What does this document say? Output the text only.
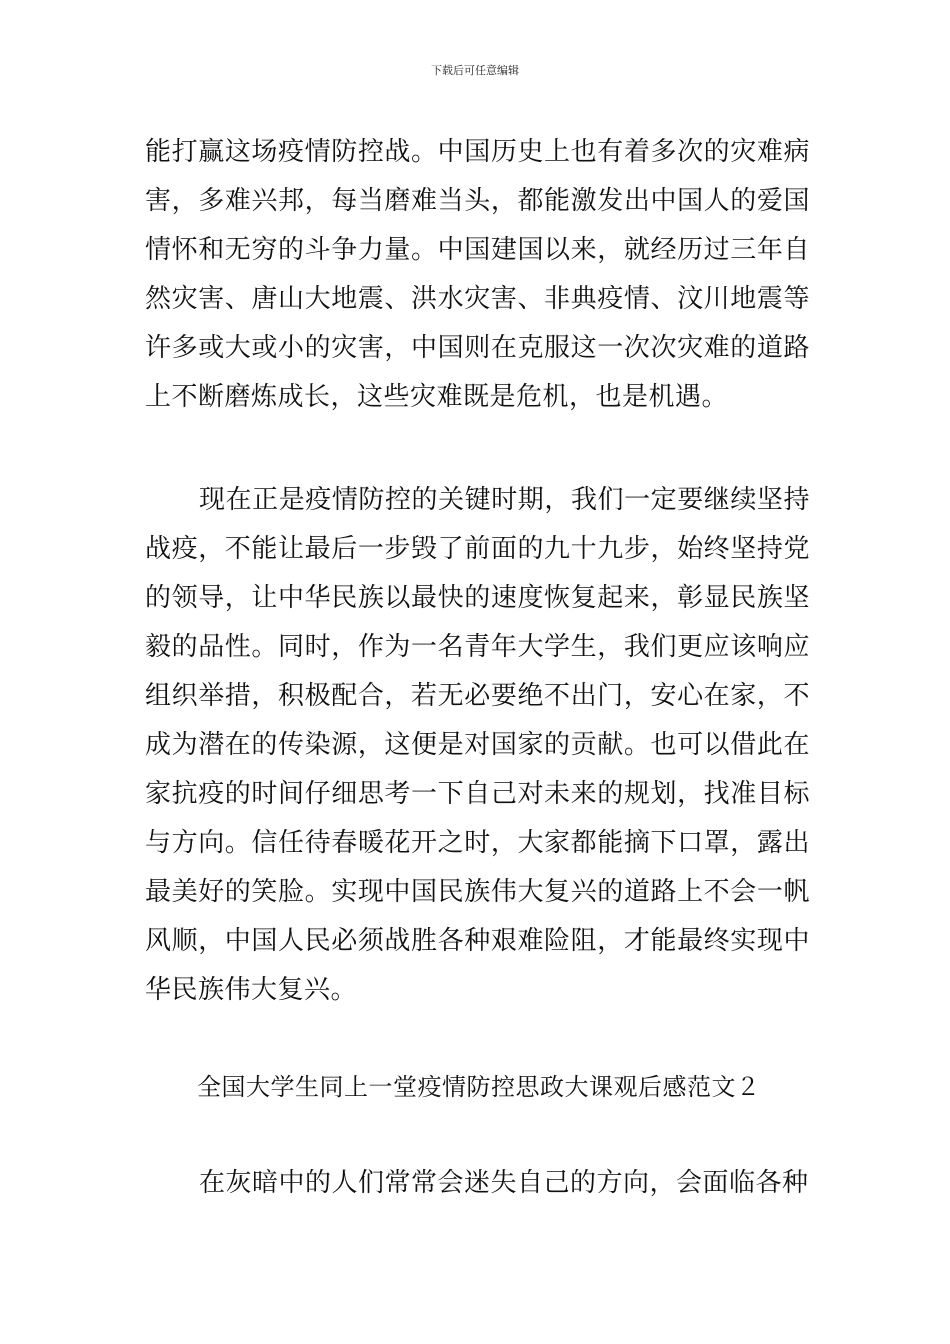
下载后可任意编辑

能打赢这场疫情防控战。中国历史上也有着多次的灾难病害，多难兴邦，每当磨难当头，都能激发出中国人的爱国情怀和无穷的斗争力量。中国建国以来，就经历过三年自然灾害、唐山大地震、洪水灾害、非典疫情、汶川地震等许多或大或小的灾害，中国则在克服这一次次灾难的道路上不断磨炼成长，这些灾难既是危机，也是机遇。

现在正是疫情防控的关键时期，我们一定要继续坚持战疫，不能让最后一步毁了前面的九十九步，始终坚持党的领导，让中华民族以最快的速度恢复起来，彰显民族坚毅的品性。同时，作为一名青年大学生，我们更应该响应组织举措，积极配合，若无必要绝不出门，安心在家，不成为潜在的传染源，这便是对国家的贡献。也可以借此在家抗疫的时间仔细思考一下自己对未来的规划，找准目标与方向。信任待春暖花开之时，大家都能摘下口罩，露出最美好的笑脸。实现中国民族伟大复兴的道路上不会一帆风顺，中国人民必须战胜各种艰难险阻，才能最终实现中华民族伟大复兴。

全国大学生同上一堂疫情防控思政大课观后感范文２

在灰暗中的人们常常会迷失自己的方向，会面临各种
